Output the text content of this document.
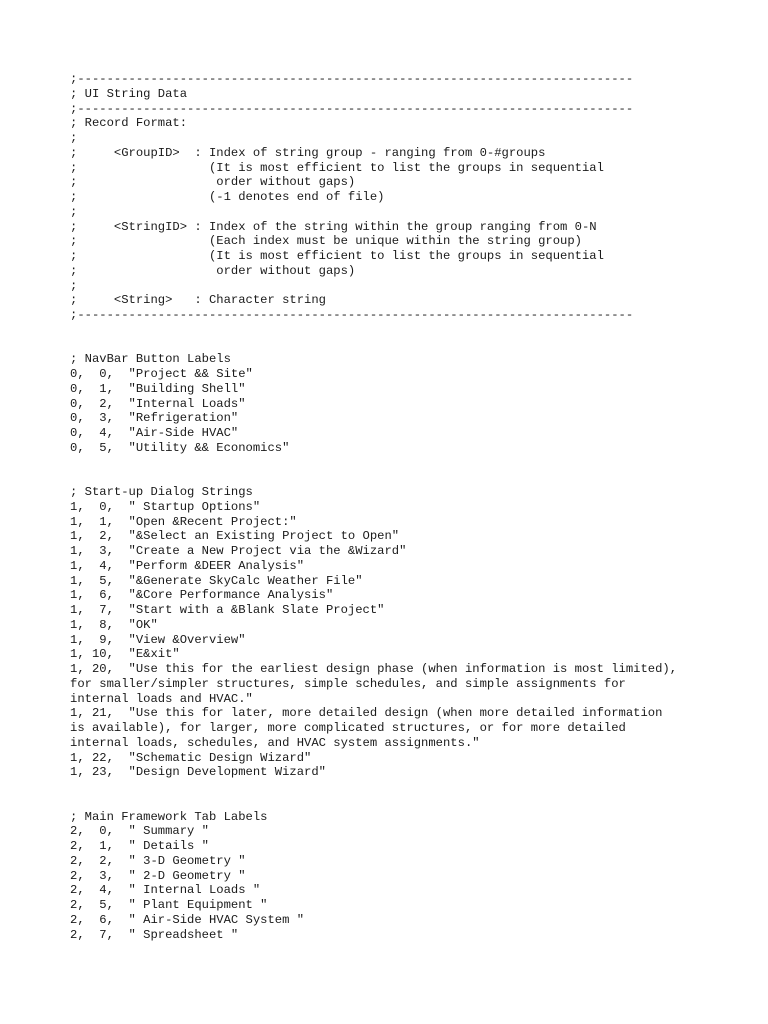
;----------------------------------------------------------------------------
; UI String Data
;----------------------------------------------------------------------------
; Record Format:
;
;     <GroupID>  : Index of string group - ranging from 0-#groups
;                  (It is most efficient to list the groups in sequential
;                   order without gaps)
;                  (-1 denotes end of file)
;
;     <StringID> : Index of the string within the group ranging from 0-N
;                  (Each index must be unique within the string group)
;                  (It is most efficient to list the groups in sequential
;                   order without gaps)
;
;     <String>   : Character string
;----------------------------------------------------------------------------
; NavBar Button Labels
0,  0,  "Project && Site"
0,  1,  "Building Shell"
0,  2,  "Internal Loads"
0,  3,  "Refrigeration"
0,  4,  "Air-Side HVAC"
0,  5,  "Utility && Economics"
; Start-up Dialog Strings
1,  0,  " Startup Options"
1,  1,  "Open &Recent Project:"
1,  2,  "&Select an Existing Project to Open"
1,  3,  "Create a New Project via the &Wizard"
1,  4,  "Perform &DEER Analysis"
1,  5,  "&Generate SkyCalc Weather File"
1,  6,  "&Core Performance Analysis"
1,  7,  "Start with a &Blank Slate Project"
1,  8,  "OK"
1,  9,  "View &Overview"
1, 10,  "E&xit"
1, 20,  "Use this for the earliest design phase (when information is most limited),
for smaller/simpler structures, simple schedules, and simple assignments for
internal loads and HVAC."
1, 21,  "Use this for later, more detailed design (when more detailed information
is available), for larger, more complicated structures, or for more detailed
internal loads, schedules, and HVAC system assignments."
1, 22,  "Schematic Design Wizard"
1, 23,  "Design Development Wizard"
; Main Framework Tab Labels
2,  0,  " Summary "
2,  1,  " Details "
2,  2,  " 3-D Geometry "
2,  3,  " 2-D Geometry "
2,  4,  " Internal Loads "
2,  5,  " Plant Equipment "
2,  6,  " Air-Side HVAC System "
2,  7,  " Spreadsheet "
